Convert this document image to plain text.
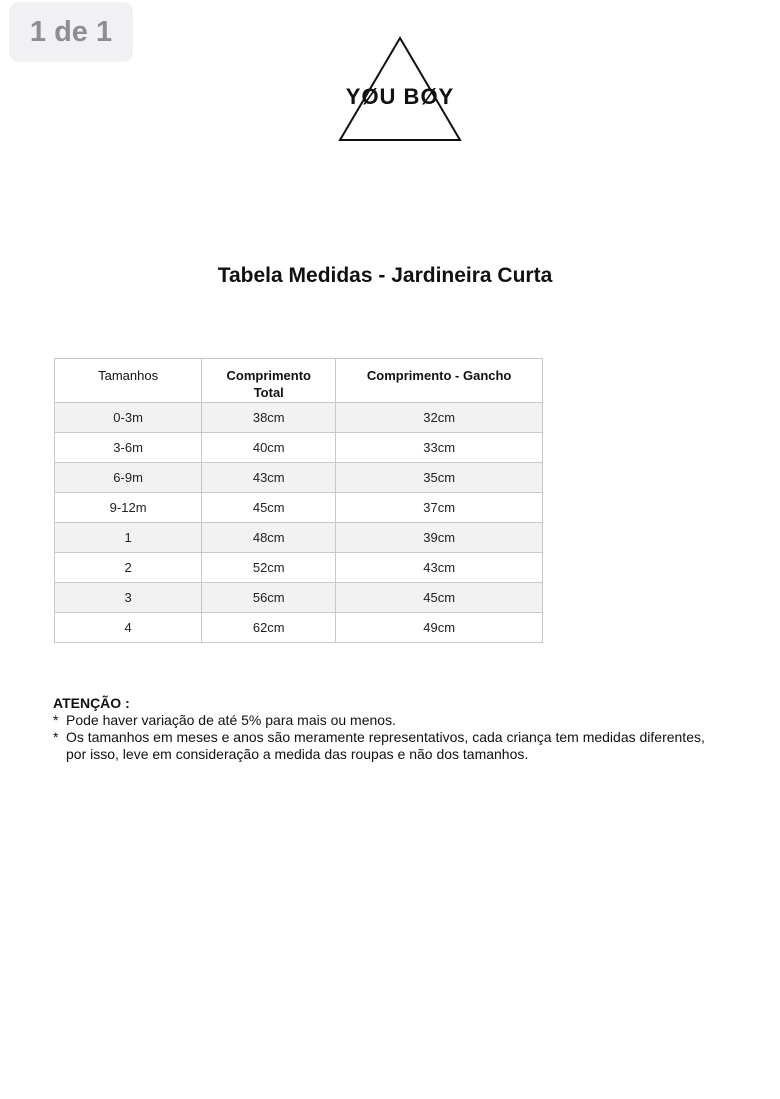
1 de 1
YØU BØY
Tabela Medidas - Jardineira Curta
Tamanhos	Comprimento Total	Comprimento - Gancho
0-3m	38cm	32cm
3-6m	40cm	33cm
6-9m	43cm	35cm
9-12m	45cm	37cm
1	48cm	39cm
2	52cm	43cm
3	56cm	45cm
4	62cm	49cm
ATENÇÃO :
* Pode haver variação de até 5% para mais ou menos.
* Os tamanhos em meses e anos são meramente representativos, cada criança tem medidas diferentes, por isso, leve em consideração a medida das roupas e não dos tamanhos.
